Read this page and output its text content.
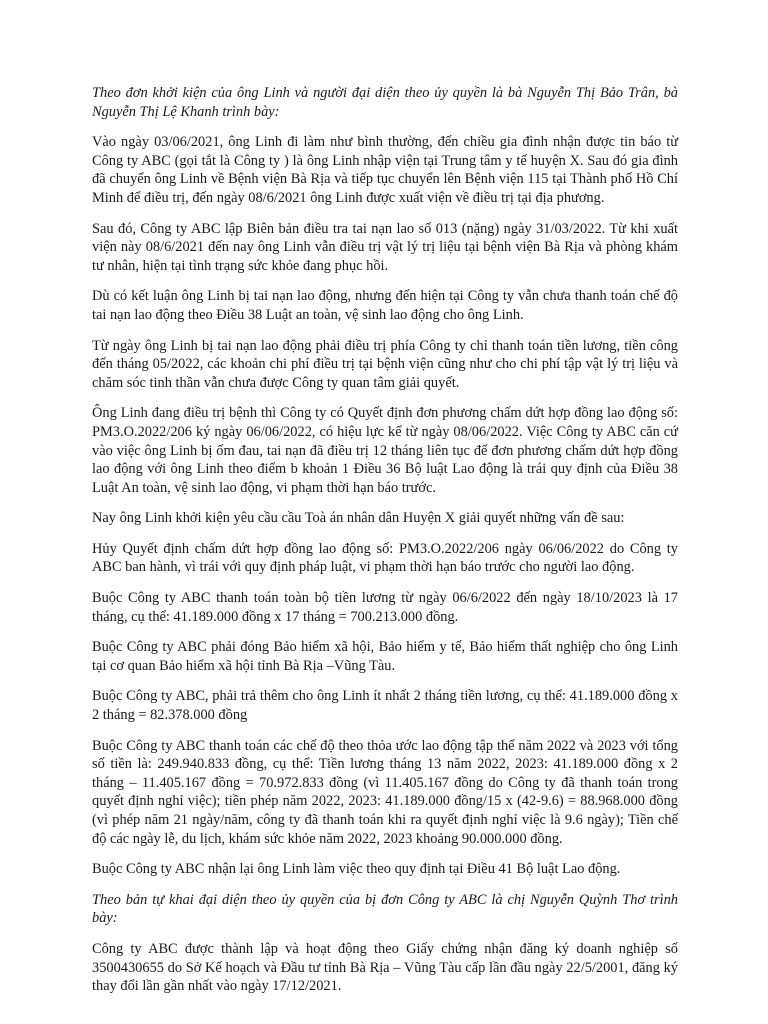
Theo đơn khởi kiện của ông Linh và người đại diện theo ủy quyền là bà Nguyễn Thị Bảo Trân, bà Nguyễn Thị Lệ Khanh trình bày:

Vào ngày 03/06/2021, ông Linh đi làm như bình thường, đến chiều gia đình nhận được tin báo từ Công ty ABC (gọi tắt là Công ty ) là ông Linh nhập viện tại Trung tâm y tế huyện X. Sau đó gia đình đã chuyển ông Linh về Bệnh viện Bà Rịa và tiếp tục chuyển lên Bệnh viện 115 tại Thành phố Hồ Chí Minh để điều trị, đến ngày 08/6/2021 ông Linh được xuất viện về điều trị tại địa phương.

Sau đó, Công ty ABC lập Biên bản điều tra tai nạn lao số 013 (nặng) ngày 31/03/2022. Từ khi xuất viện này 08/6/2021 đến nay ông Linh vẫn điều trị vật lý trị liệu tại bệnh viện Bà Rịa và phòng khám tư nhân, hiện tại tình trạng sức khỏe đang phục hồi.

Dù có kết luận ông Linh bị tai nạn lao động, nhưng đến hiện tại Công ty vẫn chưa thanh toán chế độ tai nạn lao động theo Điều 38 Luật an toàn, vệ sinh lao động cho ông Linh.

Từ ngày ông Linh bị tai nạn lao động phải điều trị phía Công ty chỉ thanh toán tiền lương, tiền công đến tháng 05/2022, các khoản chi phí điều trị tại bệnh viện cũng như cho chi phí tập vật lý trị liệu và chăm sóc tinh thần vẫn chưa được Công ty quan tâm giải quyết.

Ông Linh đang điều trị bệnh thì Công ty có Quyết định đơn phương chấm dứt hợp đồng lao động số: PM3.O.2022/206 ký ngày 06/06/2022, có hiệu lực kể từ ngày 08/06/2022. Việc Công ty ABC căn cứ vào việc ông Linh bị ốm đau, tai nạn đã điều trị 12 tháng liên tục để đơn phương chấm dứt hợp đồng lao động với ông Linh theo điểm b khoản 1 Điều 36 Bộ luật Lao động là trái quy định của Điều 38 Luật An toàn, vệ sinh lao động, vi phạm thời hạn báo trước.

Nay ông Linh khởi kiện yêu cầu cầu Toà án nhân dân Huyện X giải quyết những vấn đề sau:

Hủy Quyết định chấm dứt hợp đồng lao động số: PM3.O.2022/206 ngày 06/06/2022 do Công ty ABC ban hành, vì trái với quy định pháp luật, vi phạm thời hạn báo trước cho người lao động.

Buộc Công ty ABC thanh toán toàn bộ tiền lương từ ngày 06/6/2022 đến ngày 18/10/2023 là 17 tháng, cụ thể: 41.189.000 đồng x 17 tháng = 700.213.000 đồng.

Buộc Công ty ABC phải đóng Bảo hiểm xã hội, Bảo hiểm y tế, Bảo hiểm thất nghiệp cho ông Linh tại cơ quan Bảo hiểm xã hội tỉnh Bà Rịa –Vũng Tàu.

Buộc Công ty ABC, phải trả thêm cho ông Linh ít nhất 2 tháng tiền lương, cụ thể: 41.189.000 đồng x 2 tháng = 82.378.000 đồng

Buộc Công ty ABC thanh toán các chế độ theo thỏa ước lao động tập thể năm 2022 và 2023 với tổng số tiền là: 249.940.833 đồng, cụ thể: Tiền lương tháng 13 năm 2022, 2023: 41.189.000 đồng x 2 tháng – 11.405.167 đồng = 70.972.833 đồng (vì 11.405.167 đồng do Công ty đã thanh toán trong quyết định nghỉ việc); tiền phép năm 2022, 2023: 41.189.000 đồng/15 x (42-9.6) = 88.968.000 đồng (vì phép năm 21 ngày/năm, công ty đã thanh toán khi ra quyết định nghỉ việc là 9.6 ngày); Tiền chế độ các ngày lễ, du lịch, khám sức khỏe năm 2022, 2023 khoảng 90.000.000 đồng.

Buộc Công ty ABC nhận lại ông Linh làm việc theo quy định tại Điều 41 Bộ luật Lao động.

Theo bản tự khai đại diện theo ủy quyền của bị đơn Công ty ABC là chị Nguyễn Quỳnh Thơ trình bày:

Công ty ABC được thành lập và hoạt động theo Giấy chứng nhận đăng ký doanh nghiệp số 3500430655 do Sở Kế hoạch và Đầu tư tỉnh Bà Rịa – Vũng Tàu cấp lần đầu ngày 22/5/2001, đăng ký thay đổi lần gần nhất vào ngày 17/12/2021.
